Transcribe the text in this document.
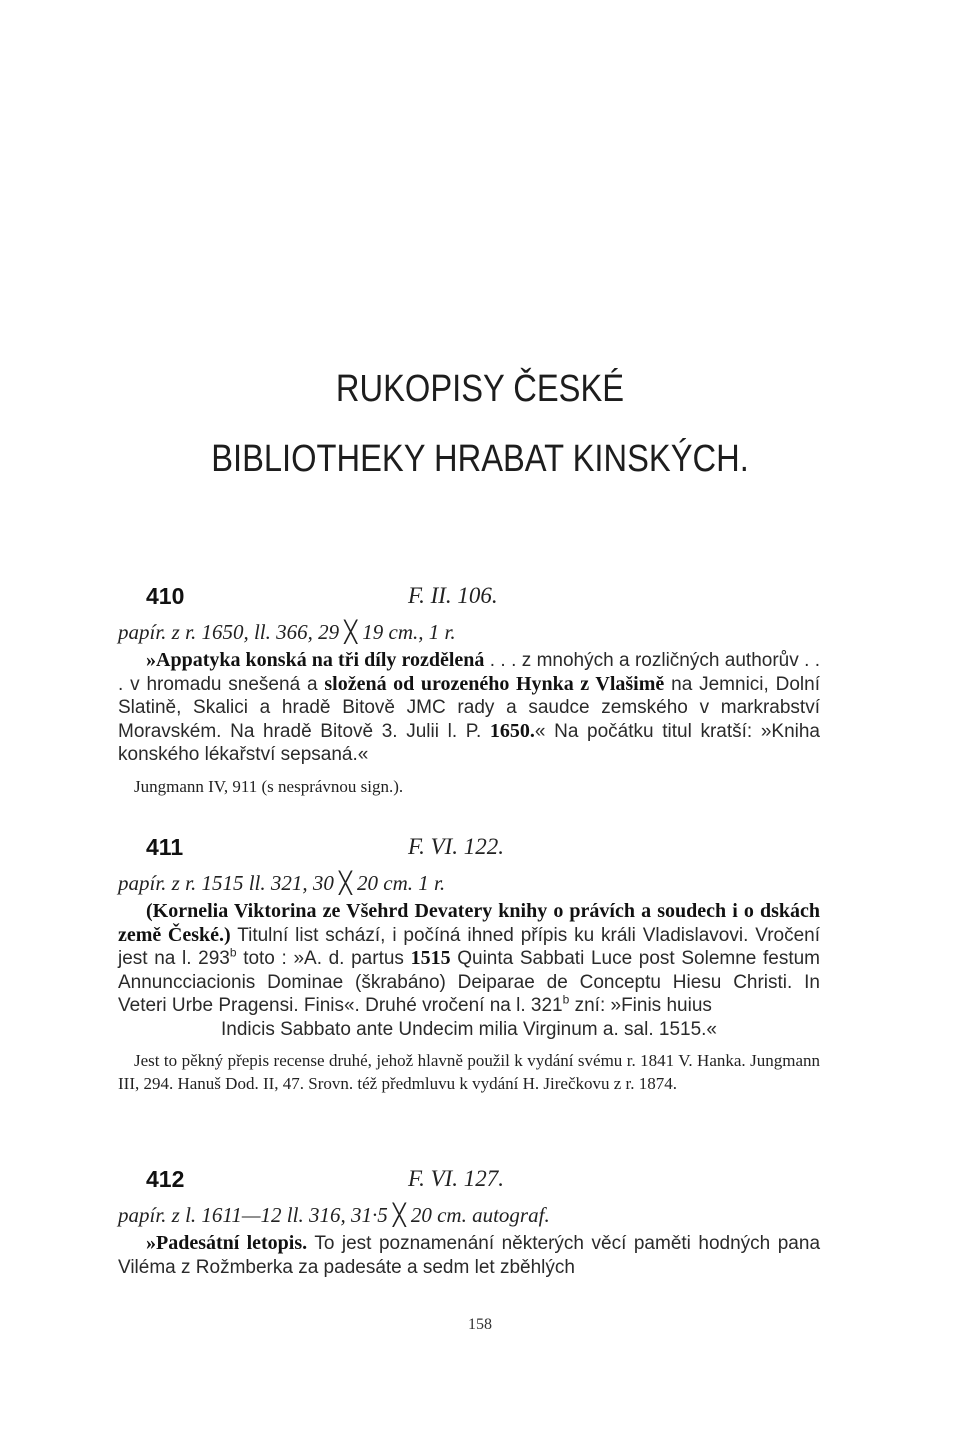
RUKOPISY ČESKÉ
BIBLIOTHEKY HRABAT KINSKÝCH.
410	F. II. 106.
papír. z r. 1650, ll. 366, 29 ╳ 19 cm., 1 r.
»Appatyka konská na tři díly rozdělená . . . z mnohých a rozličných authorův . . . v hromadu snešená a složená od urozeného Hynka z Vlašimě na Jemnici, Dolní Slatině, Skalici a hradě Bitově JMC rady a saudce zemského v markrabství Moravském. Na hradě Bitově 3. Julii l. P. 1650.« Na počátku titul kratší: »Kniha konského lékařství sepsaná.«
Jungmann IV, 911 (s nesprávnou sign.).
411	F. VI. 122.
papír. z r. 1515 ll. 321, 30 ╳ 20 cm. 1 r.
(Kornelia Viktorina ze Všehrd Devatery knihy o právích a soudech i o dskách země České.) Titulní list schází, i počíná ihned přípis ku králi Vladislavovi. Vročení jest na l. 293$^b$ toto : »A. d. partus 1515 Quinta Sabbati Luce post Solemne festum Annuncciacionis Dominae (škrabáno) Deiparae de Conceptu Hiesu Christi. In Veteri Urbe Pragensi. Finis«. Druhé vročení na l. 321$^b$ zní: »Finis huius
Indicis Sabbato ante Undecim milia Virginum a. sal. 1515.«
Jest to pěkný přepis recense druhé, jehož hlavně použil k vydání svému r. 1841 V. Hanka. Jungmann III, 294. Hanuš Dod. II, 47. Srovn. též předmluvu k vydání H. Jirečkovu z r. 1874.
412	F. VI. 127.
papír. z l. 1611—12 ll. 316, 31·5 ╳ 20 cm. autograf.
»Padesátní letopis. To jest poznamenání některých věcí paměti hodných pana Viléma z Rožmberka za padesáte a sedm let zběhlých
158
